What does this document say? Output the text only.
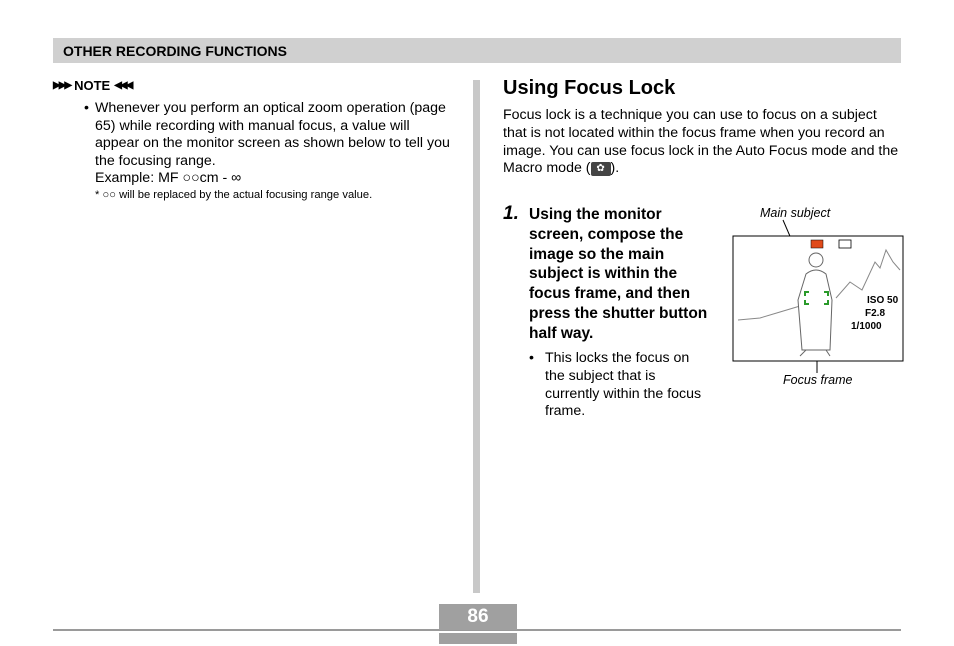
OTHER RECORDING FUNCTIONS
▶▶▶ NOTE ◀◀◀
• Whenever you perform an optical zoom operation (page 65) while recording with manual focus, a value will appear on the monitor screen as shown below to tell you the focusing range.
Example: MF ○○cm - ∞
* ○○ will be replaced by the actual focusing range value.
Using Focus Lock
Focus lock is a technique you can use to focus on a subject that is not located within the focus frame when you record an image. You can use focus lock in the Auto Focus mode and the Macro mode ( ✿ ).
1. Using the monitor screen, compose the image so the main subject is within the focus frame, and then press the shutter button half way.
• This locks the focus on the subject that is currently within the focus frame.
Main subject
Focus frame
ISO 50
F2.8
1/1000
86
